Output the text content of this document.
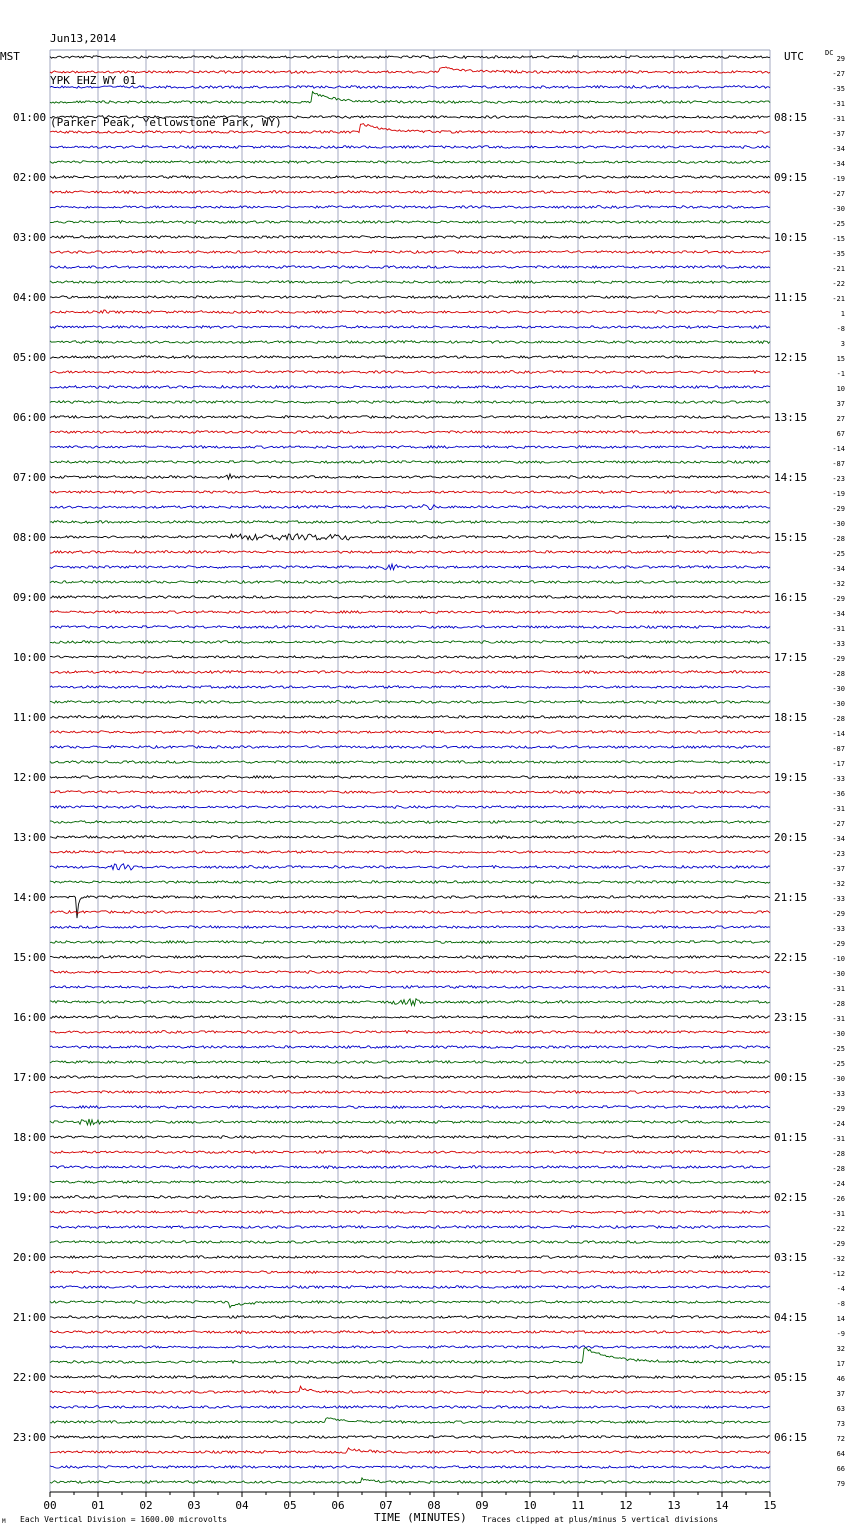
Jun13,2014

YPK EHZ WY 01

(Parker Peak, Yellowstone Park, WY)

MST	UTC	DC
01:00
02:00
03:00
04:00
05:00
06:00
07:00
08:00
09:00
10:00
11:00
12:00
13:00
14:00
15:00
16:00
17:00
18:00
19:00
20:00
21:00
22:00
23:00
08:15
09:15
10:15
11:15
12:15
13:15
14:15
15:15
16:15
17:15
18:15
19:15
20:15
21:15
22:15
23:15
00:15
01:15
02:15
03:15
04:15
05:15
06:15
29
-27
-35
-31
-31
-37
-34
-34
-19
-27
-30
-25
-15
-35
-21
-22
-21
1
-8
3
15
-1
10
37
27
67
-14
-87
-23
-19
-29
-30
-28
-25
-34
-32
-29
-34
-31
-33
-29
-28
-30
-30
-28
-14
-87
-17
-33
-36
-31
-27
-34
-23
-37
-32
-33
-29
-33
-29
-10
-30
-31
-28
-31
-30
-25
-25
-30
-33
-29
-24
-31
-28
-28
-24
-26
-31
-22
-29
-32
-12
-4
-8
14
-9
32
17
46
37
63
73
72
64
66
79
00	01	02	03	04	05	06	07	08	09	10	11	12	13	14	15
M Each Vertical Division = 1600.00 microvolts	TIME (MINUTES) Traces clipped at plus/minus 5 vertical divisions
